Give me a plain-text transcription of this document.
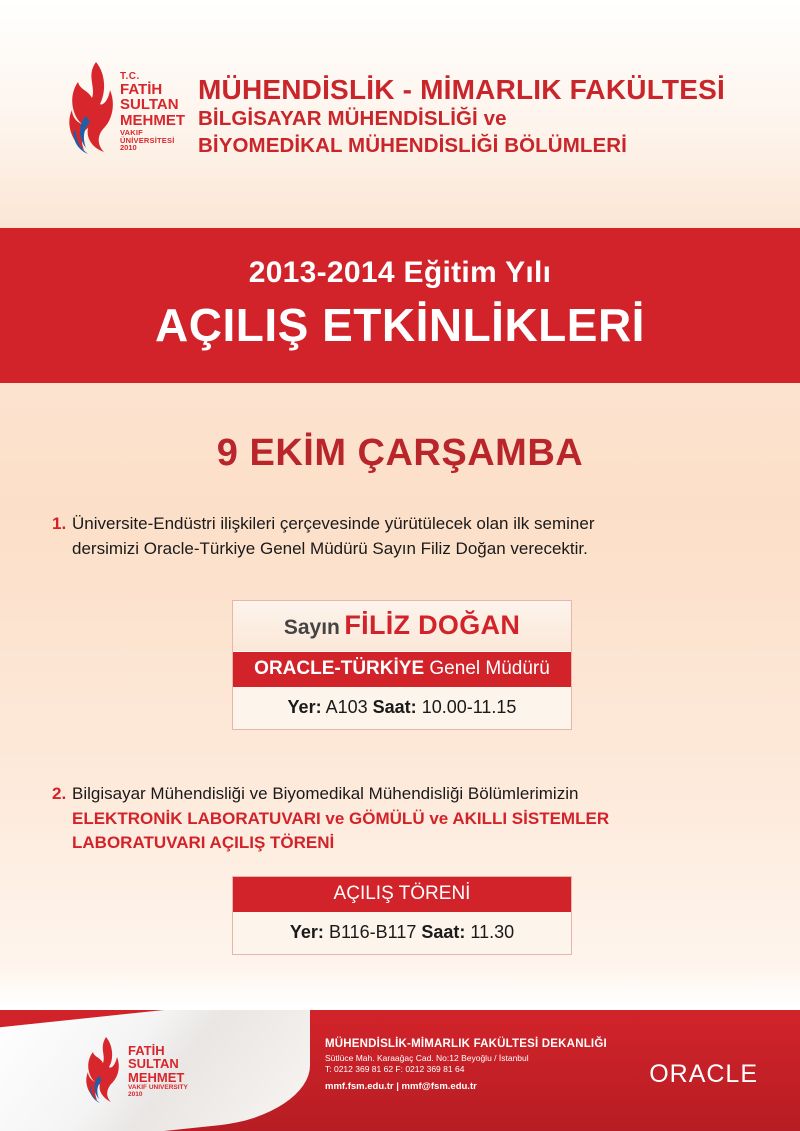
T.C.
FATİH
SULTAN
MEHMET
VAKIF ÜNİVERSİTESİ
2010
MÜHENDİSLİK - MİMARLIK FAKÜLTESİ
BİLGİSAYAR MÜHENDİSLİĞİ ve
BİYOMEDİKAL MÜHENDİSLİĞİ BÖLÜMLERİ
2013-2014 Eğitim Yılı
AÇILIŞ ETKİNLİKLERİ
9 EKİM ÇARŞAMBA
1. Üniversite-Endüstri ilişkileri çerçevesinde yürütülecek olan ilk seminer
dersimizi Oracle-Türkiye Genel Müdürü Sayın Filiz Doğan verecektir.
Sayın FİLİZ DOĞAN
ORACLE-TÜRKİYE Genel Müdürü
Yer: A103 Saat: 10.00-11.15
2. Bilgisayar Mühendisliği ve Biyomedikal Mühendisliği Bölümlerimizin
ELEKTRONİK LABORATUVARI ve GÖMÜLÜ ve AKILLI SİSTEMLER
LABORATUVARI AÇILIŞ TÖRENİ
AÇILIŞ TÖRENİ
Yer: B116-B117 Saat: 11.30
FATİH
SULTAN
MEHMET
VAKIF UNIVERSITY
2010
MÜHENDİSLİK-MİMARLIK FAKÜLTESİ DEKANLIĞI
Sütlüce Mah. Karaağaç Cad. No:12 Beyoğlu / İstanbul
T: 0212 369 81 62 F: 0212 369 81 64
mmf.fsm.edu.tr | mmf@fsm.edu.tr	ORACLE
